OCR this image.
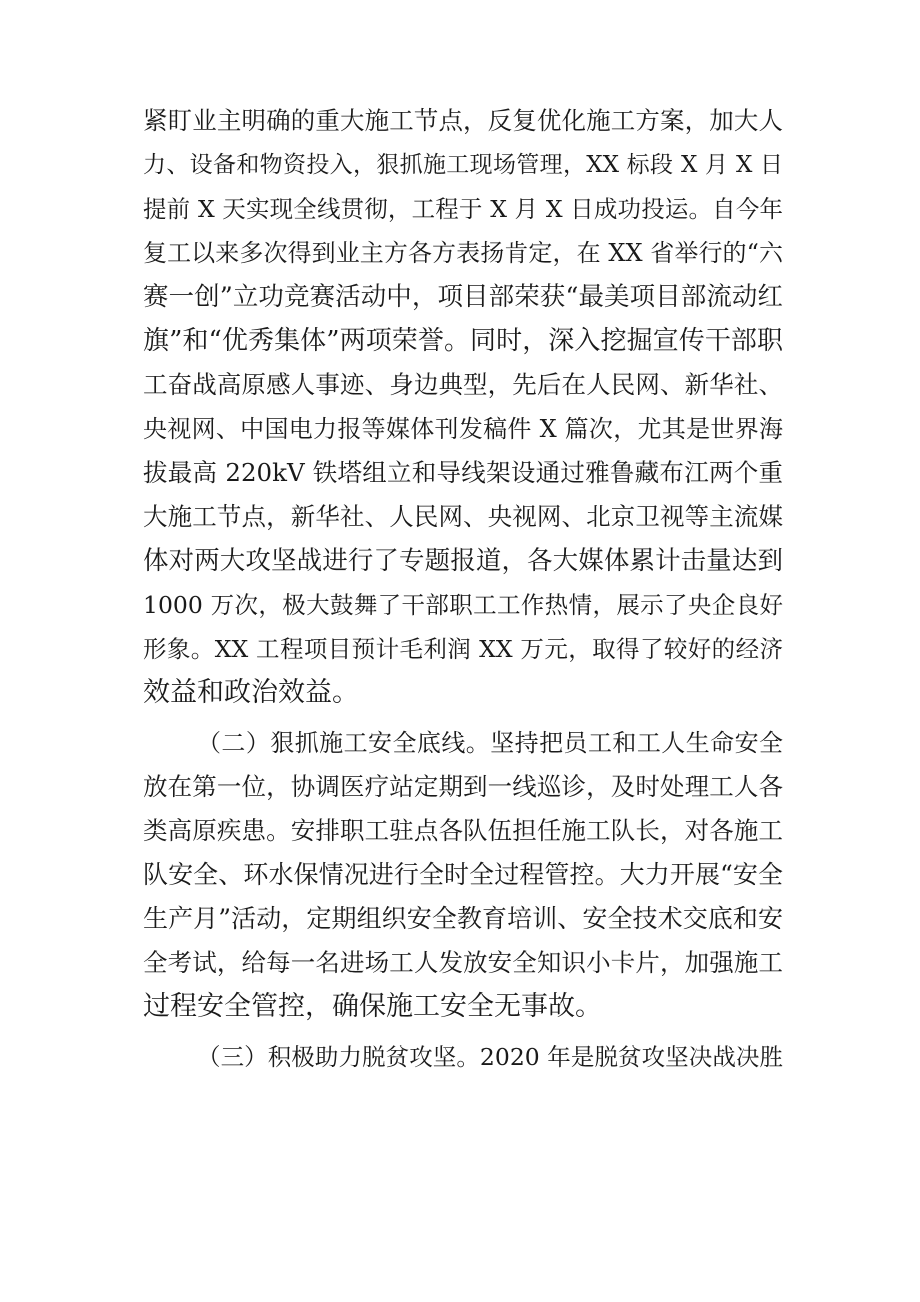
紧盯业主明确的重大施工节点，反复优化施工方案，加大人
力、设备和物资投入，狠抓施工现场管理，XX 标段 X 月 X 日
提前 X 天实现全线贯彻，工程于 X 月 X 日成功投运。自今年
复工以来多次得到业主方各方表扬肯定，在 XX 省举行的“六
赛一创”立功竞赛活动中，项目部荣获“最美项目部流动红
旗”和“优秀集体”两项荣誉。同时，深入挖掘宣传干部职
工奋战高原感人事迹、身边典型，先后在人民网、新华社、
央视网、中国电力报等媒体刊发稿件 X 篇次，尤其是世界海
拔最高 220kV 铁塔组立和导线架设通过雅鲁藏布江两个重
大施工节点，新华社、人民网、央视网、北京卫视等主流媒
体对两大攻坚战进行了专题报道，各大媒体累计击量达到
1000 万次，极大鼓舞了干部职工工作热情，展示了央企良好
形象。XX 工程项目预计毛利润 XX 万元，取得了较好的经济
效益和政治效益。
（二）狠抓施工安全底线。坚持把员工和工人生命安全
放在第一位，协调医疗站定期到一线巡诊，及时处理工人各
类高原疾患。安排职工驻点各队伍担任施工队长，对各施工
队安全、环水保情况进行全时全过程管控。大力开展“安全
生产月”活动，定期组织安全教育培训、安全技术交底和安
全考试，给每一名进场工人发放安全知识小卡片，加强施工
过程安全管控，确保施工安全无事故。
（三）积极助力脱贫攻坚。2020 年是脱贫攻坚决战决胜
